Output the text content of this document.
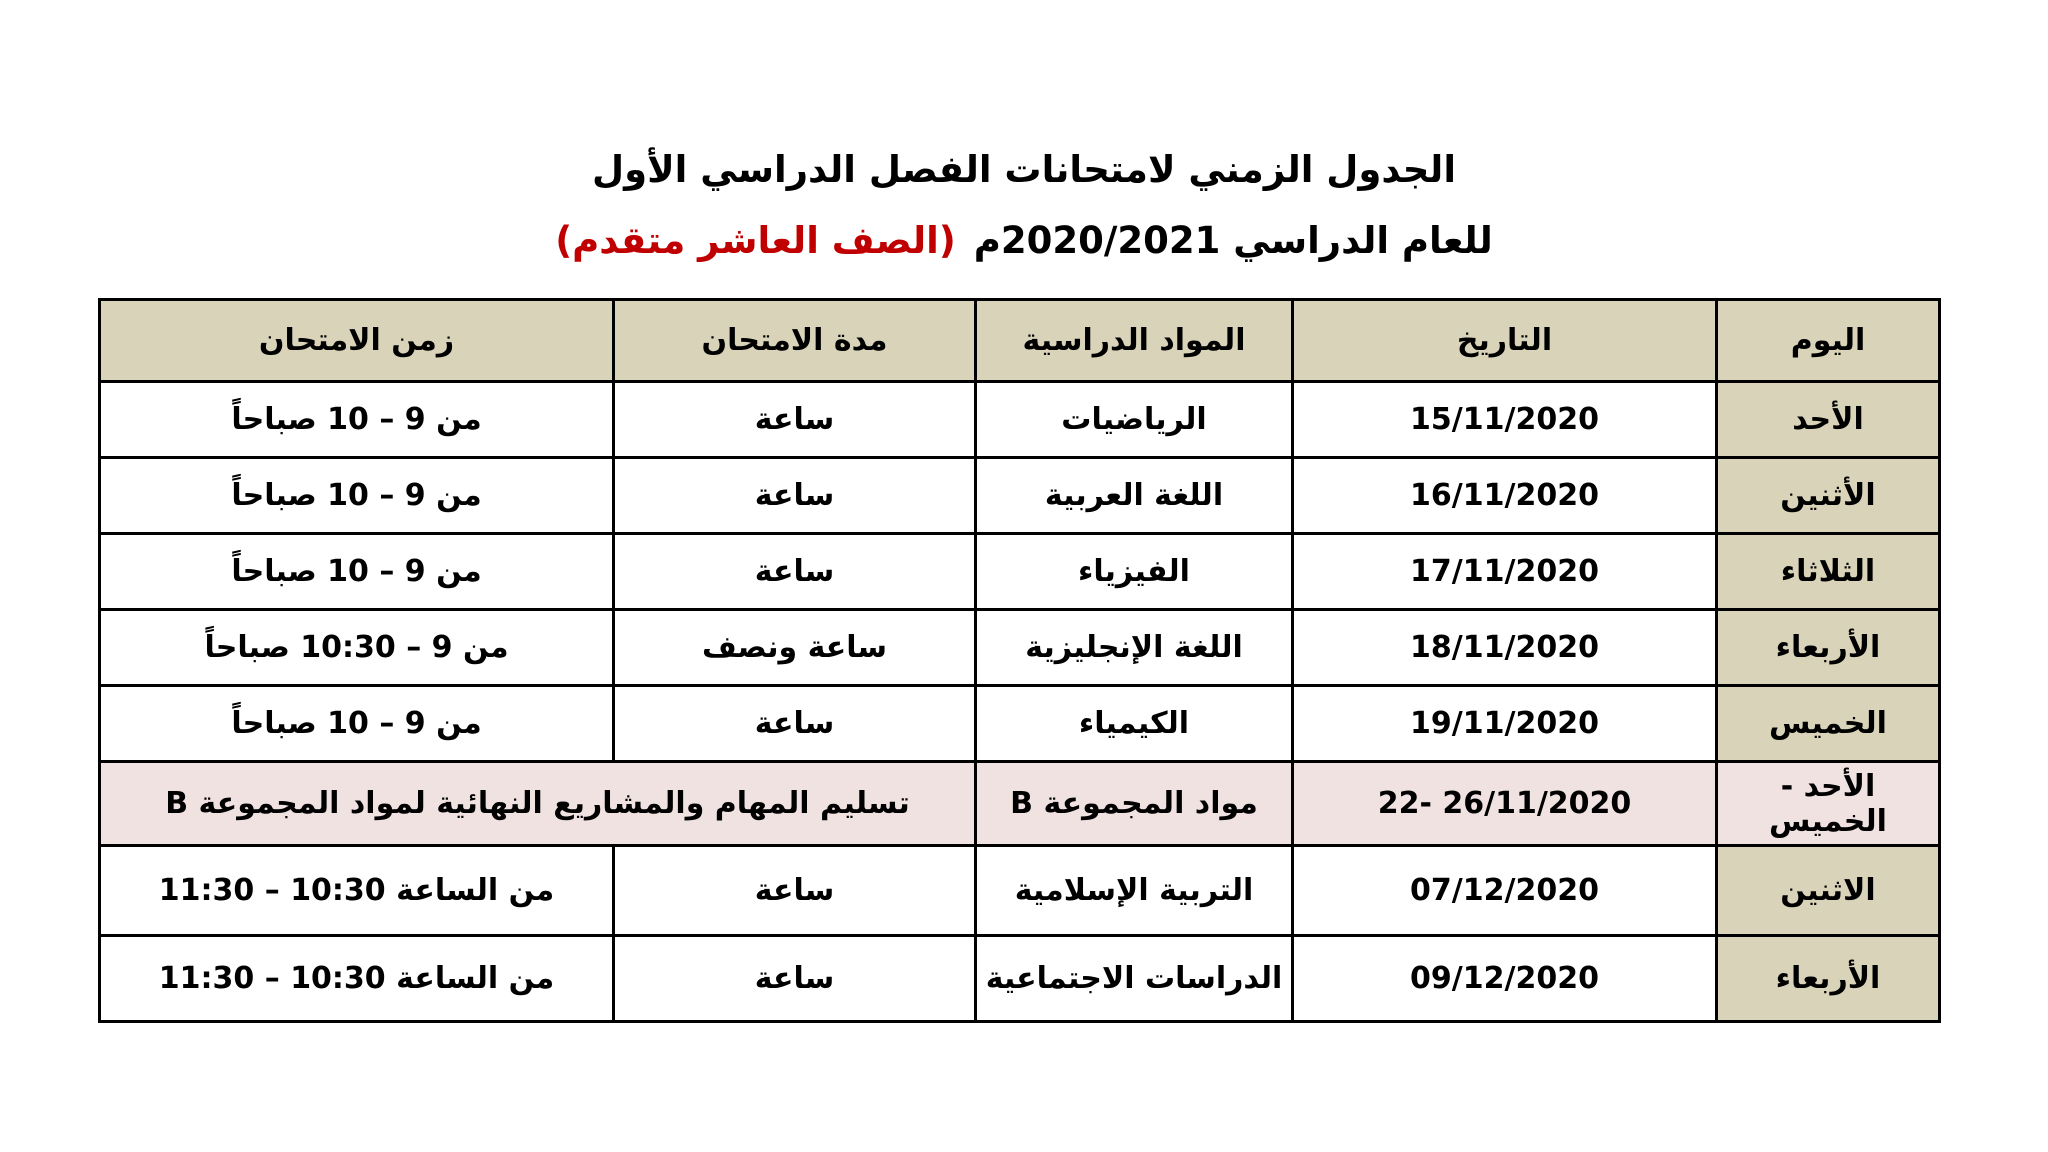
الجدول الزمني لامتحانات الفصل الدراسي الأول
للعام الدراسي 2020/2021م(الصف العاشر متقدم)
اليوم	التاريخ	المواد الدراسية	مدة الامتحان	زمن الامتحان
الأحد	15/11/2020	الرياضيات	ساعة	من 9 – 10 صباحاً
الأثنين	16/11/2020	اللغة العربية	ساعة	من 9 – 10 صباحاً
الثلاثاء	17/11/2020	الفيزياء	ساعة	من 9 – 10 صباحاً
الأربعاء	18/11/2020	اللغة الإنجليزية	ساعة ونصف	من 9 – 10:30 صباحاً
الخميس	19/11/2020	الكيمياء	ساعة	من 9 – 10 صباحاً
الأحد - الخميس	22- 26/11/2020	مواد المجموعة B	تسليم المهام والمشاريع النهائية لمواد المجموعة B	
الاثنين	07/12/2020	التربية الإسلامية	ساعة	من الساعة 10:30 – 11:30
الأربعاء	09/12/2020	الدراسات الاجتماعية	ساعة	من الساعة 10:30 – 11:30
